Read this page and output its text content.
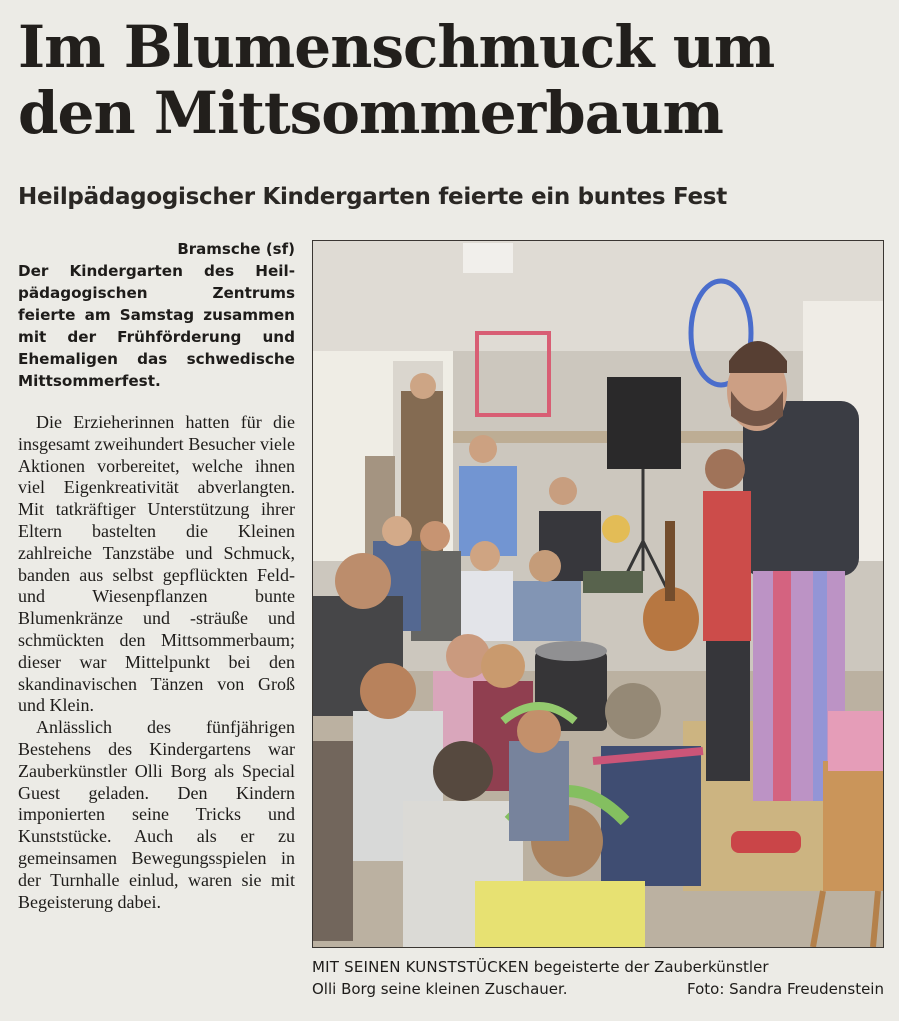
Im Blumenschmuck um
den Mittsommerbaum
Heilpädagogischer Kindergarten feierte ein buntes Fest
Bramsche (sf)

Der Kindergarten des Heilpädagogischen Zentrums feierte am Samstag zusammen mit der Frühförderung und Ehemaligen das schwedische Mittsommerfest.

Die Erzieherinnen hatten für die insgesamt zweihundert Besucher viele Aktionen vorbereitet, welche ihnen viel Eigenkreativität abverlangten. Mit tatkräftiger Unterstützung ihrer Eltern bastelten die Kleinen zahlreiche Tanzstäbe und Schmuck, banden aus selbst gepflückten Feld- und Wiesenpflanzen bunte Blumenkränze und -sträuße und schmückten den Mittsommerbaum; dieser war Mittelpunkt bei den skandinavischen Tänzen von Groß und Klein.

Anlässlich des fünfjährigen Bestehens des Kindergartens war Zauberkünstler Olli Borg als Special Guest geladen. Den Kindern imponierten seine Tricks und Kunststücke. Auch als er zu gemeinsamen Bewegungsspielen in der Turnhalle einlud, waren sie mit Begeisterung dabei.

MIT SEINEN KUNSTSTÜCKEN begeisterte der Zauberkünstler
Olli Borg seine kleinen Zuschauer.	Foto: Sandra Freudenstein
